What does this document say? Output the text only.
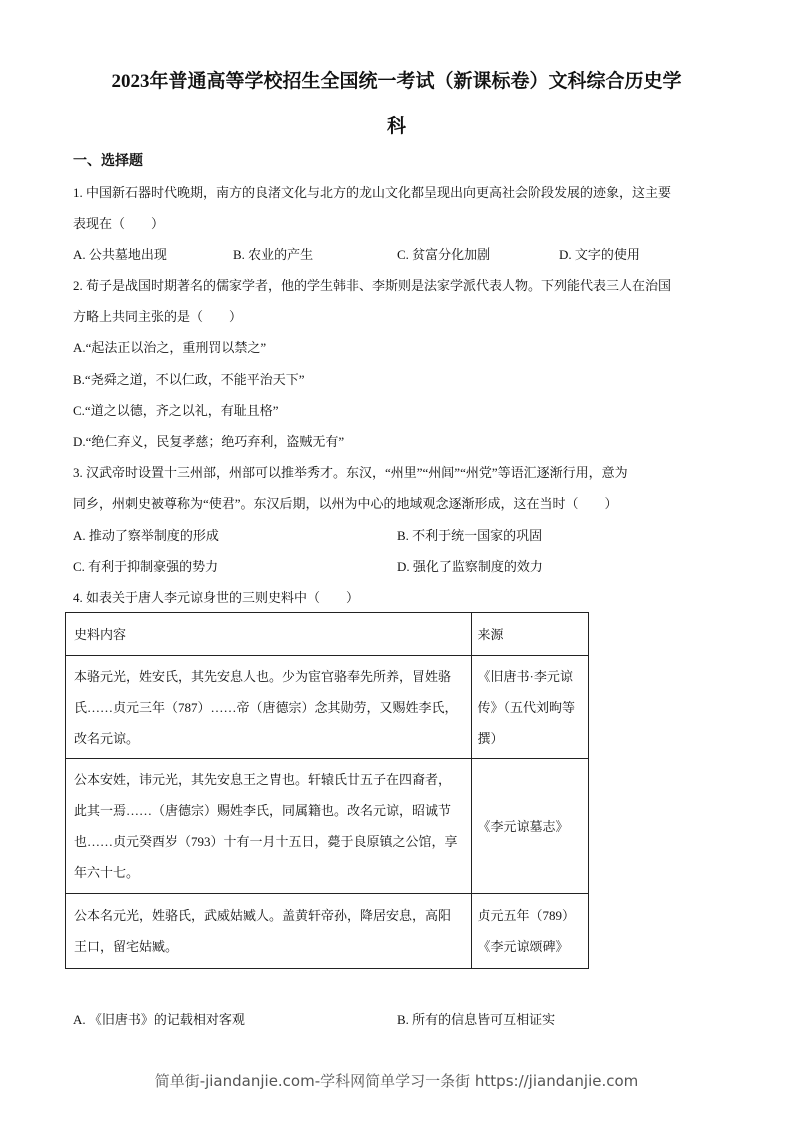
2023年普通高等学校招生全国统一考试（新课标卷）文科综合历史学
科
一、选择题
1. 中国新石器时代晚期，南方的良渚文化与北方的龙山文化都呈现出向更高社会阶段发展的迹象，这主要
表现在（　　）
A. 公共墓地出现	B. 农业的产生	C. 贫富分化加剧	D. 文字的使用
2. 荀子是战国时期著名的儒家学者，他的学生韩非、李斯则是法家学派代表人物。下列能代表三人在治国
方略上共同主张的是（　　）
A.“起法正以治之，重刑罚以禁之”
B.“尧舜之道，不以仁政，不能平治天下”
C.“道之以德，齐之以礼，有耻且格”
D.“绝仁弃义，民复孝慈；绝巧弃利，盗贼无有”
3. 汉武帝时设置十三州部，州部可以推举秀才。东汉，“州里”“州闾”“州党”等语汇逐渐行用，意为
同乡，州刺史被尊称为“使君”。东汉后期，以州为中心的地域观念逐渐形成，这在当时（　　）
A. 推动了察举制度的形成	B. 不利于统一国家的巩固
C. 有利于抑制豪强的势力	D. 强化了监察制度的效力
4. 如表关于唐人李元谅身世的三则史料中（　　）
史料内容	来源
本骆元光，姓安氏，其先安息人也。少为宦官骆奉先所养，冒姓骆氏……贞元三年（787）……帝（唐德宗）念其勋劳，又赐姓李氏，改名元谅。	《旧唐书·李元谅传》（五代刘昫等撰）
公本安姓，讳元光，其先安息王之胄也。轩辕氏廿五子在四裔者，此其一焉……（唐德宗）赐姓李氏，同属籍也。改名元谅，昭诚节也……贞元癸酉岁（793）十有一月十五日，薨于良原镇之公馆，享年六十七。	《李元谅墓志》
公本名元光，姓骆氏，武威姑臧人。盖黄轩帝孙，降居安息，高阳王口，留宅姑臧。	贞元五年（789）《李元谅颂碑》
A. 《旧唐书》的记载相对客观	B. 所有的信息皆可互相证实
简单街-jiandanjie.com-学科网简单学习一条街 https://jiandanjie.com
